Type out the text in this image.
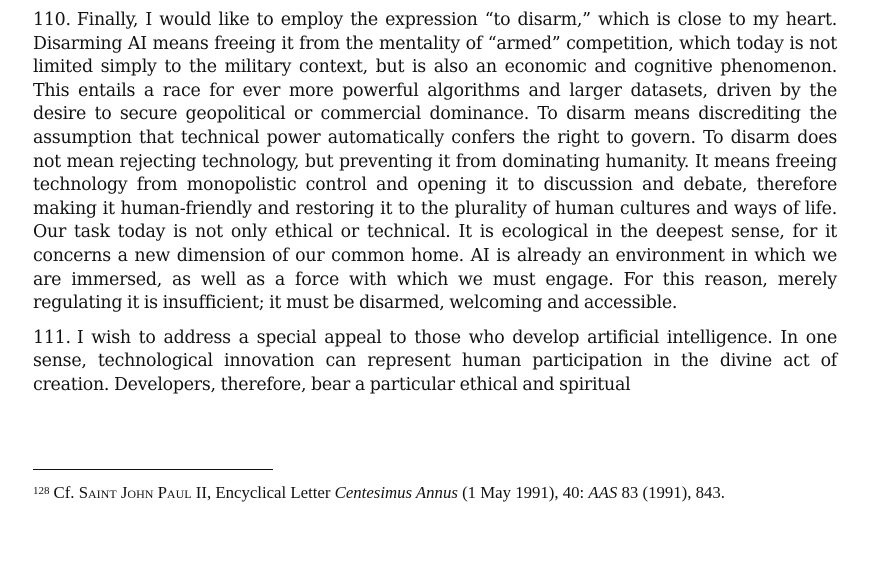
110. Finally, I would like to employ the expression “to disarm,” which is close to my heart. Disarming AI means freeing it from the mentality of “armed” competition, which today is not limited simply to the military context, but is also an economic and cognitive phenomenon. This entails a race for ever more powerful algorithms and larger datasets, driven by the desire to secure geopolitical or commercial dominance. To disarm means discrediting the assumption that technical power automatically confers the right to govern. To disarm does not mean rejecting technology, but preventing it from dominating humanity. It means freeing technology from monopolistic control and opening it to discussion and debate, therefore making it human-friendly and restoring it to the plurality of human cultures and ways of life. Our task today is not only ethical or technical. It is ecological in the deepest sense, for it concerns a new dimension of our common home. AI is already an environment in which we are immersed, as well as a force with which we must engage. For this reason, merely regulating it is insufficient; it must be disarmed, welcoming and accessible.

111. I wish to address a special appeal to those who develop artificial intelligence. In one sense, technological innovation can represent human participation in the divine act of creation. Developers, therefore, bear a particular ethical and spiritual

$^{128}$ Cf. Saint John Paul II, Encyclical Letter Centesimus Annus (1 May 1991), 40: AAS 83 (1991), 843.
